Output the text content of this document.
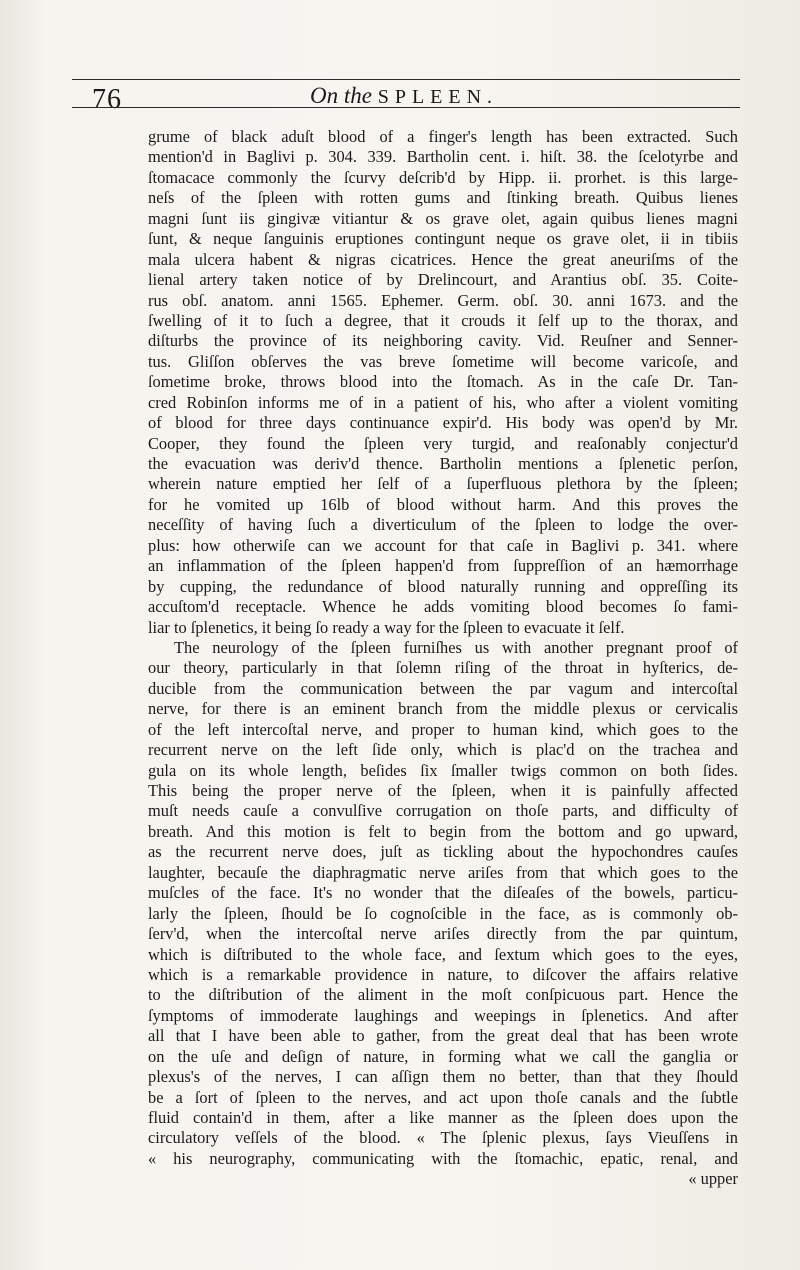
76	On the SPLEEN.
grume of black aduſt blood of a finger's length has been extracted. Such
mention'd in Baglivi p. 304. 339. Bartholin cent. i. hiſt. 38. the ſcelotyrbe and
ſtomacace commonly the ſcurvy deſcrib'd by Hipp. ii. prorhet. is this large-
neſs of the ſpleen with rotten gums and ſtinking breath. Quibus lienes
magni ſunt iis gingivæ vitiantur & os grave olet, again quibus lienes magni
ſunt, & neque ſanguinis eruptiones contingunt neque os grave olet, ii in tibiis
mala ulcera habent & nigras cicatrices. Hence the great aneuriſms of the
lienal artery taken notice of by Drelincourt, and Arantius obſ. 35. Coite-
rus obſ. anatom. anni 1565. Ephemer. Germ. obſ. 30. anni 1673. and the
ſwelling of it to ſuch a degree, that it crouds it ſelf up to the thorax, and
diſturbs the province of its neighboring cavity. Vid. Reuſner and Senner-
tus. Gliſſon obſerves the vas breve ſometime will become varicoſe, and
ſometime broke, throws blood into the ſtomach. As in the caſe Dr. Tan-
cred Robinſon informs me of in a patient of his, who after a violent vomiting
of blood for three days continuance expir'd. His body was open'd by Mr.
Cooper, they found the ſpleen very turgid, and reaſonably conjectur'd
the evacuation was deriv'd thence. Bartholin mentions a ſplenetic perſon,
wherein nature emptied her ſelf of a ſuperfluous plethora by the ſpleen;
for he vomited up 16lb of blood without harm. And this proves the
neceſſity of having ſuch a diverticulum of the ſpleen to lodge the over-
plus: how otherwiſe can we account for that caſe in Baglivi p. 341. where
an inflammation of the ſpleen happen'd from ſuppreſſion of an hæmorrhage
by cupping, the redundance of blood naturally running and oppreſſing its
accuſtom'd receptacle. Whence he adds vomiting blood becomes ſo fami-
liar to ſplenetics, it being ſo ready a way for the ſpleen to evacuate it ſelf.
The neurology of the ſpleen furniſhes us with another pregnant proof of
our theory, particularly in that ſolemn riſing of the throat in hyſterics, de-
ducible from the communication between the par vagum and intercoſtal
nerve, for there is an eminent branch from the middle plexus or cervicalis
of the left intercoſtal nerve, and proper to human kind, which goes to the
recurrent nerve on the left ſide only, which is plac'd on the trachea and
gula on its whole length, beſides ſix ſmaller twigs common on both ſides.
This being the proper nerve of the ſpleen, when it is painfully affected
muſt needs cauſe a convulſive corrugation on thoſe parts, and difficulty of
breath. And this motion is felt to begin from the bottom and go upward,
as the recurrent nerve does, juſt as tickling about the hypochondres cauſes
laughter, becauſe the diaphragmatic nerve ariſes from that which goes to the
muſcles of the face. It's no wonder that the diſeaſes of the bowels, particu-
larly the ſpleen, ſhould be ſo cognoſcible in the face, as is commonly ob-
ſerv'd, when the intercoſtal nerve ariſes directly from the par quintum,
which is diſtributed to the whole face, and ſextum which goes to the eyes,
which is a remarkable providence in nature, to diſcover the affairs relative
to the diſtribution of the aliment in the moſt conſpicuous part. Hence the
ſymptoms of immoderate laughings and weepings in ſplenetics. And after
all that I have been able to gather, from the great deal that has been wrote
on the uſe and deſign of nature, in forming what we call the ganglia or
plexus's of the nerves, I can aſſign them no better, than that they ſhould
be a ſort of ſpleen to the nerves, and act upon thoſe canals and the ſubtle
fluid contain'd in them, after a like manner as the ſpleen does upon the
circulatory veſſels of the blood. « The ſplenic plexus, ſays Vieuſſens in
« his neurography, communicating with the ſtomachic, epatic, renal, and
« upper
